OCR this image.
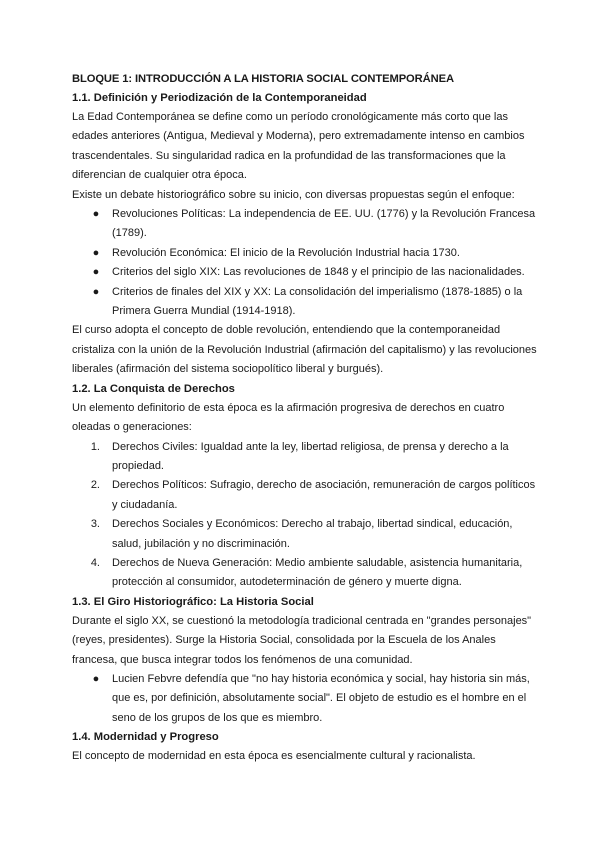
BLOQUE 1: INTRODUCCIÓN A LA HISTORIA SOCIAL CONTEMPORÁNEA
1.1. Definición y Periodización de la Contemporaneidad

La Edad Contemporánea se define como un período cronológicamente más corto que las edades anteriores (Antigua, Medieval y Moderna), pero extremadamente intenso en cambios trascendentales. Su singularidad radica en la profundidad de las transformaciones que la diferencian de cualquier otra época.

Existe un debate historiográfico sobre su inicio, con diversas propuestas según el enfoque:

●	Revoluciones Políticas: La independencia de EE. UU. (1776) y la Revolución Francesa (1789).
●	Revolución Económica: El inicio de la Revolución Industrial hacia 1730.
●	Criterios del siglo XIX: Las revoluciones de 1848 y el principio de las nacionalidades.
●	Criterios de finales del XIX y XX: La consolidación del imperialismo (1878-1885) o la Primera Guerra Mundial (1914-1918).

El curso adopta el concepto de doble revolución, entendiendo que la contemporaneidad cristaliza con la unión de la Revolución Industrial (afirmación del capitalismo) y las revoluciones liberales (afirmación del sistema sociopolítico liberal y burgués).

1.2. La Conquista de Derechos

Un elemento definitorio de esta época es la afirmación progresiva de derechos en cuatro oleadas o generaciones:

1. Derechos Civiles: Igualdad ante la ley, libertad religiosa, de prensa y derecho a la propiedad.
2. Derechos Políticos: Sufragio, derecho de asociación, remuneración de cargos políticos y ciudadanía.
3. Derechos Sociales y Económicos: Derecho al trabajo, libertad sindical, educación, salud, jubilación y no discriminación.
4. Derechos de Nueva Generación: Medio ambiente saludable, asistencia humanitaria, protección al consumidor, autodeterminación de género y muerte digna.
1.3. El Giro Historiográfico: La Historia Social

Durante el siglo XX, se cuestionó la metodología tradicional centrada en "grandes personajes" (reyes, presidentes). Surge la Historia Social, consolidada por la Escuela de los Anales francesa, que busca integrar todos los fenómenos de una comunidad.

●	Lucien Febvre defendía que "no hay historia económica y social, hay historia sin más, que es, por definición, absolutamente social". El objeto de estudio es el hombre en el seno de los grupos de los que es miembro.
1.4. Modernidad y Progreso

El concepto de modernidad en esta época es esencialmente cultural y racionalista.
